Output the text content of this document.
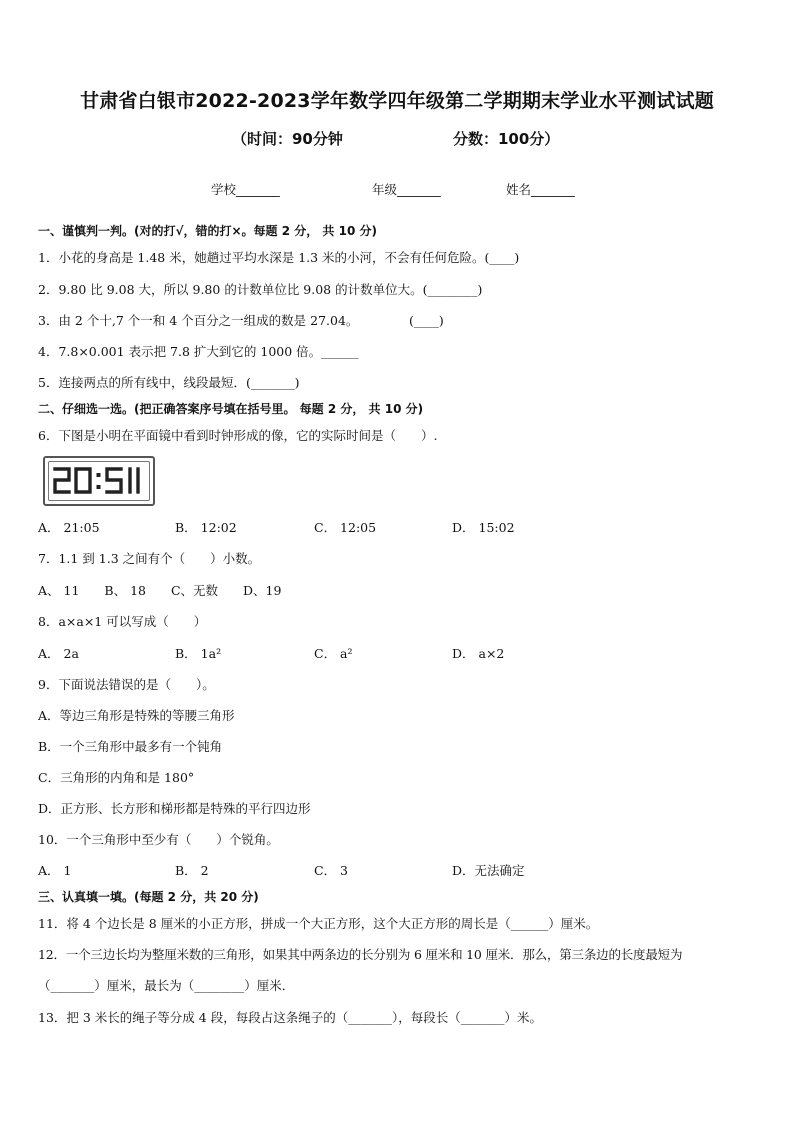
甘肃省白银市2022-2023学年数学四年级第二学期期末学业水平测试试题
（时间：90分钟	分数：100分）
学校_______	年级_______	姓名_______
一、谨慎判一判。(对的打√，错的打×。每题 2 分， 共 10 分)
1．小花的身高是 1.48 米，她趟过平均水深是 1.3 米的小河，不会有任何危险。(____)
2．9.80 比 9.08 大，所以 9.80 的计数单位比 9.08 的计数单位大。(________)
3．由 2 个十,7 个一和 4 个百分之一组成的数是 27.04。	(____)
4．7.8×0.001 表示把 7.8 扩大到它的 1000 倍。______
5．连接两点的所有线中，线段最短．(_______)
二、仔细选一选。(把正确答案序号填在括号里。 每题 2 分， 共 10 分)
6．下图是小明在平面镜中看到时钟形成的像，它的实际时间是（　　）.
A． 21:05	B． 12:02	C． 12:05	D． 15:02
7．1.1 到 1.3 之间有个（　　）小数。
A、 11　　B、 18　　C、无数　　D、19
8．a×a×1 可以写成（　　）
A． 2a	B． 1a²	C． a²	D． a×2
9．下面说法错误的是（　　）。
A．等边三角形是特殊的等腰三角形
B．一个三角形中最多有一个钝角
C．三角形的内角和是 180°
D．正方形、长方形和梯形都是特殊的平行四边形
10．一个三角形中至少有（　　）个锐角。
A． 1	B． 2	C． 3	D．无法确定
三、认真填一填。(每题 2 分，共 20 分)
11．将 4 个边长是 8 厘米的小正方形，拼成一个大正方形，这个大正方形的周长是（______）厘米。
12．一个三边长均为整厘米数的三角形，如果其中两条边的长分别为 6 厘米和 10 厘米．那么，第三条边的长度最短为
（_______）厘米，最长为（________）厘米．
13．把 3 米长的绳子等分成 4 段，每段占这条绳子的（_______），每段长（_______）米。
